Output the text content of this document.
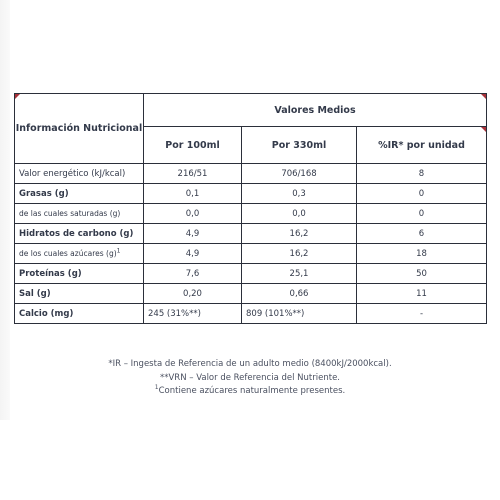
Información Nutricional	Valores Medios		
	Por 100ml	Por 330ml	%IR* por unidad
Valor energético (kJ/kcal)	216/51	706/168	8
Grasas (g)	0,1	0,3	0
de las cuales saturadas (g)	0,0	0,0	0
Hidratos de carbono (g)	4,9	16,2	6
de los cuales azúcares (g)$^1$	4,9	16,2	18
Proteínas (g)	7,6	25,1	50
Sal (g)	0,20	0,66	11
Calcio (mg)	245 (31%**)	809 (101%**)	-
*IR – Ingesta de Referencia de un adulto medio (8400kJ/2000kcal).
**VRN – Valor de Referencia del Nutriente.
$^1$Contiene azúcares naturalmente presentes.
